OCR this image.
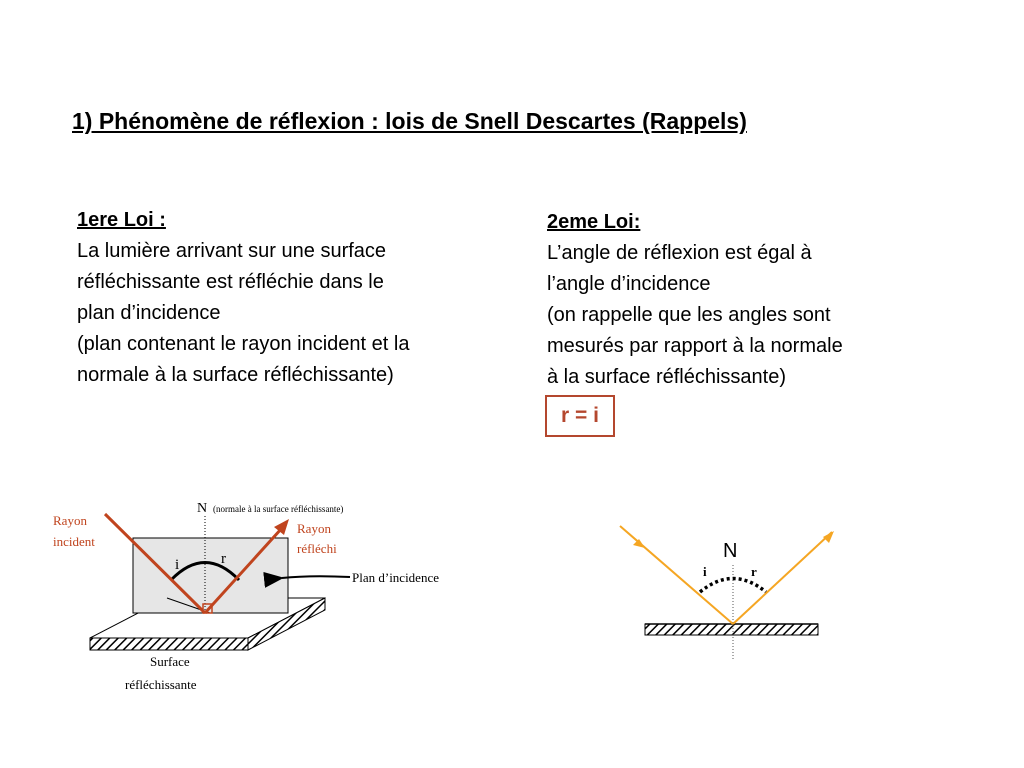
1) Phénomène de réflexion : lois de Snell Descartes (Rappels)
1ere Loi :
La lumière arrivant sur une surface
réfléchissante est réfléchie dans le
plan d’incidence
(plan contenant le rayon incident et la
normale à la surface réfléchissante)
2eme Loi:
L’angle de réflexion est égal à
l’angle d’incidence
(on rappelle que les angles sont
mesurés par rapport à la normale
à la surface réfléchissante)
r = i
N (normale à la surface réfléchissante)
Rayon
incident
Rayon
réfléchi
Plan d’incidence
Surface
réfléchissante
i	r	N
i	r
